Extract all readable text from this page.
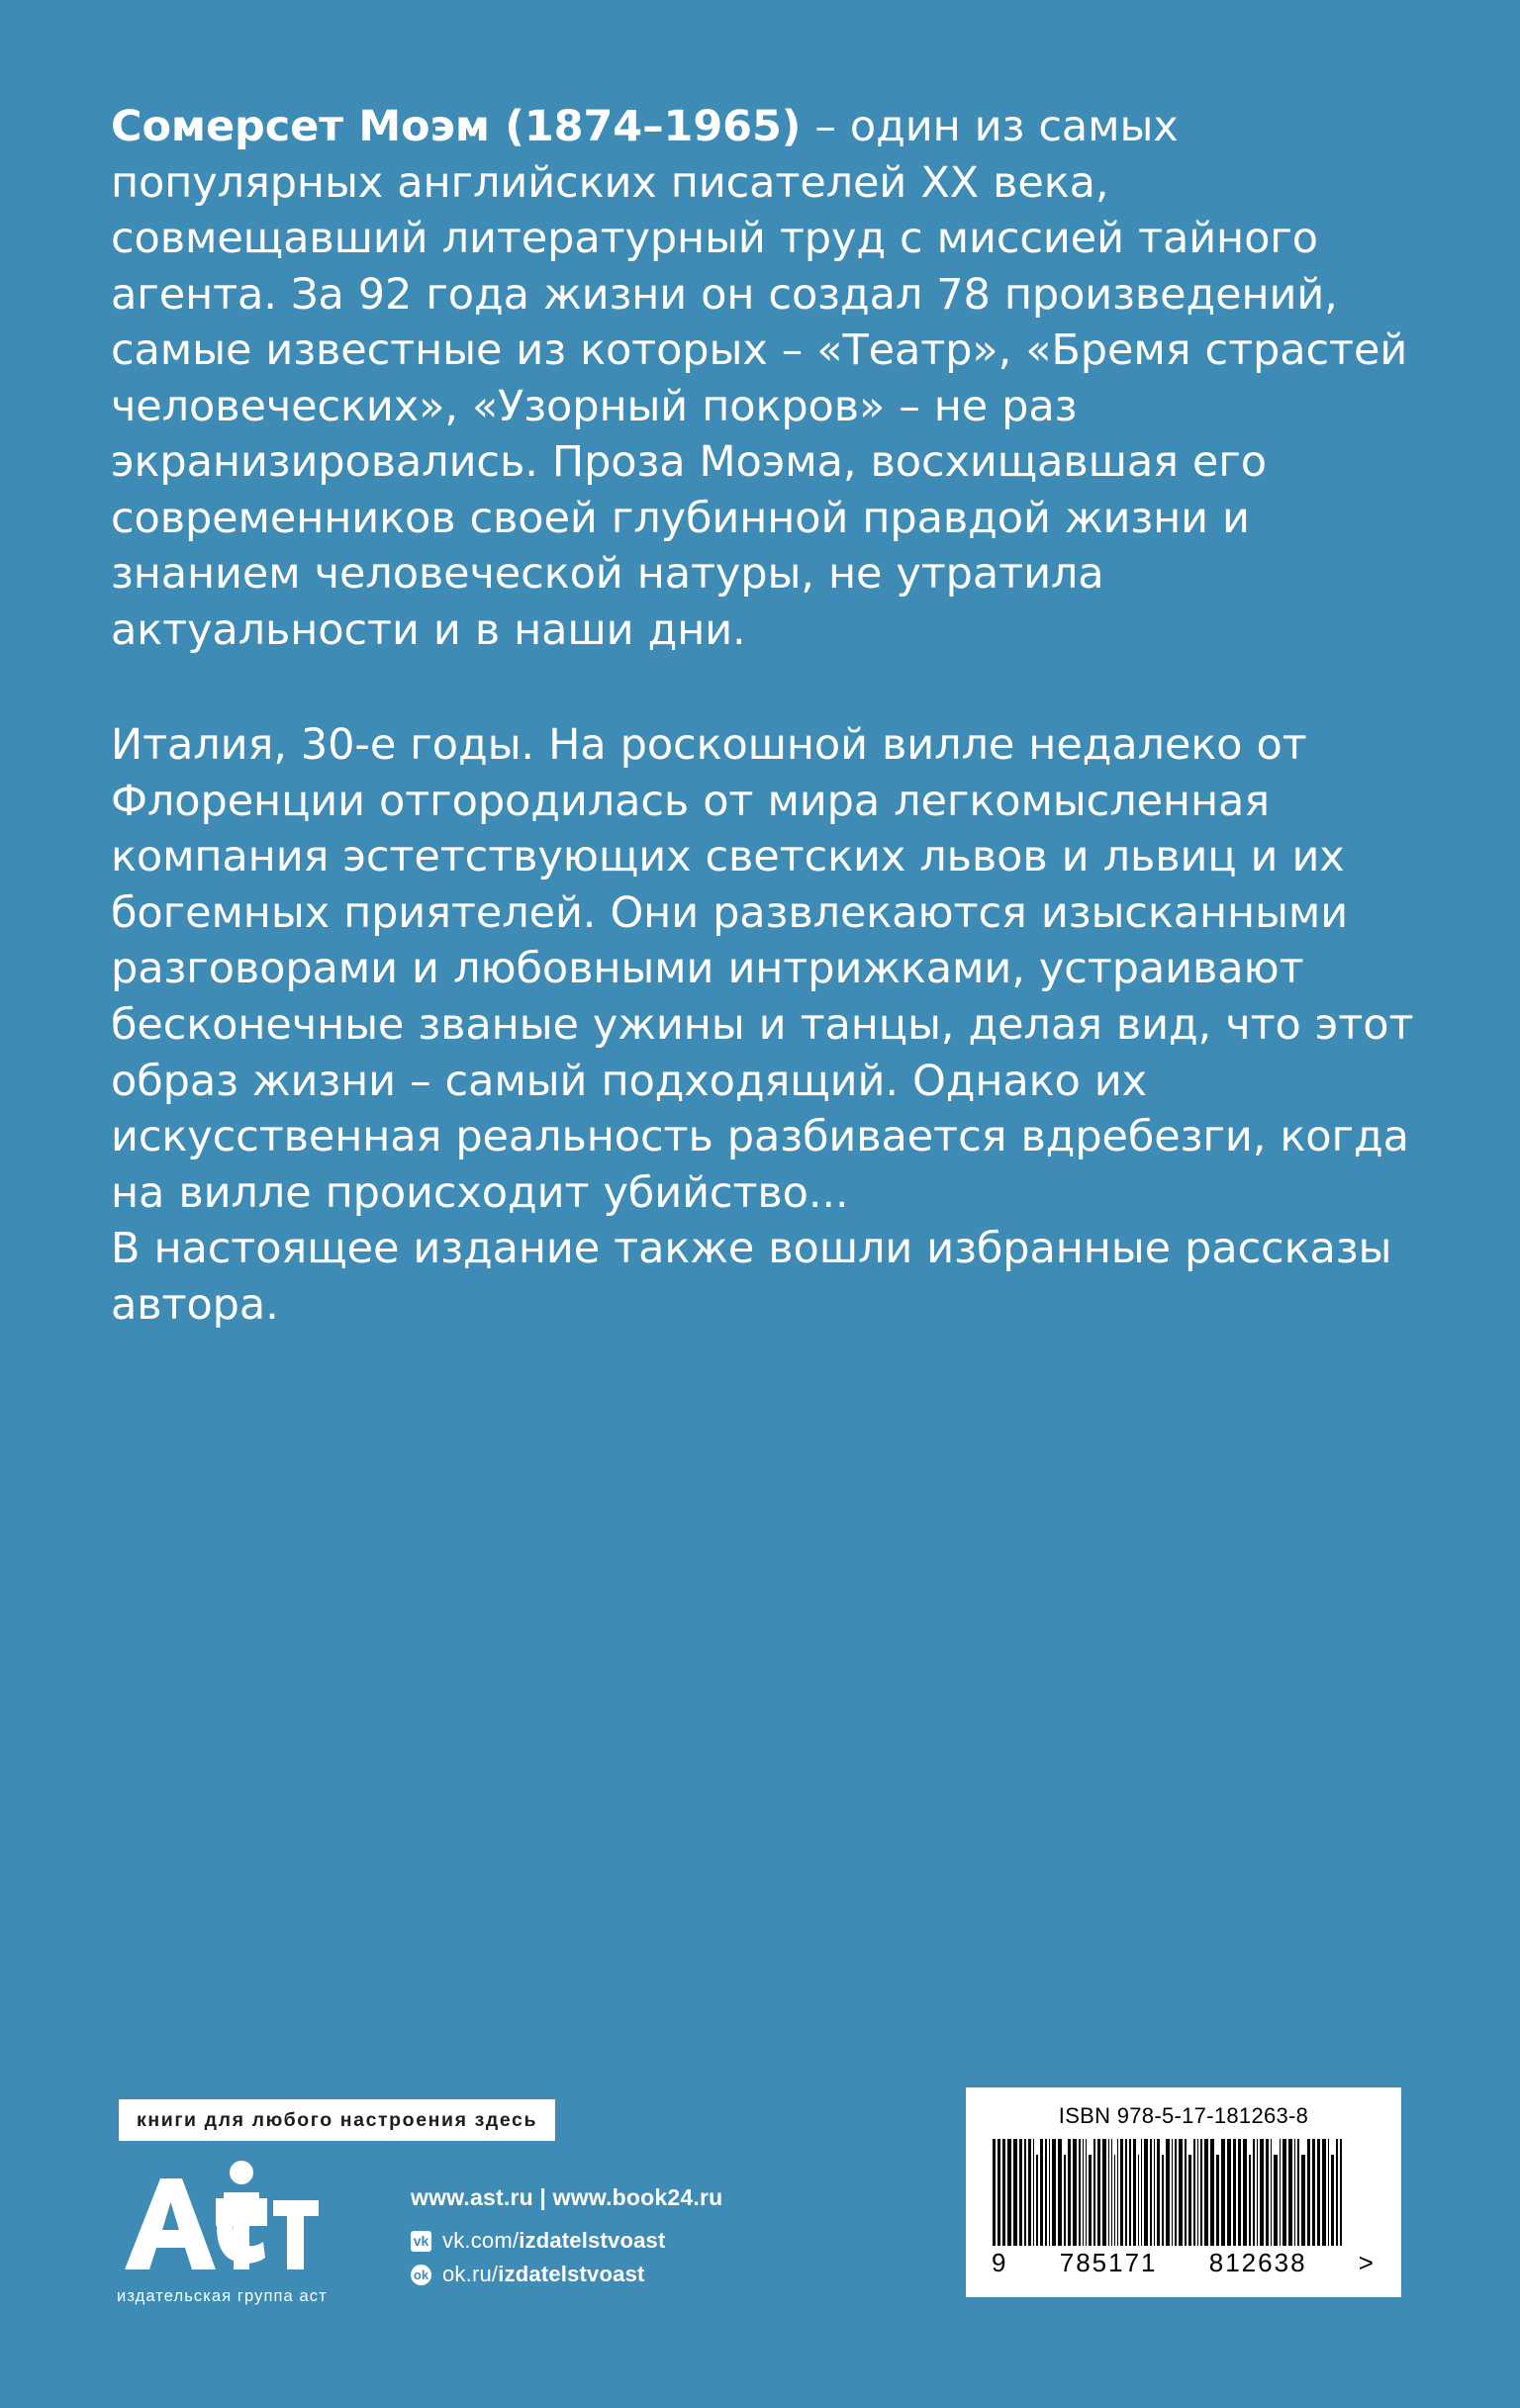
Сомерсет Моэм (1874–1965) – один из самых популярных английских писателей XX века, совмещавший литературный труд с миссией тайного агента. За 92 года жизни он создал 78 произведений, самые известные из которых – «Театр», «Бремя страстей человеческих», «Узорный покров» – не раз экранизировались. Проза Моэма, восхищавшая его современников своей глубинной правдой жизни и знанием человеческой натуры, не утратила актуальности и в наши дни.

Италия, 30-е годы. На роскошной вилле недалеко от Флоренции отгородилась от мира легкомысленная компания эстетствующих светских львов и львиц и их богемных приятелей. Они развлекаются изысканными разговорами и любовными интрижками, устраивают бесконечные званые ужины и танцы, делая вид, что этот образ жизни – самый подходящий. Однако их искусственная реальность разбивается вдребезги, когда на вилле происходит убийство...

В настоящее издание также вошли избранные рассказы автора.

книги для любого настроения здесь
издательская группа аст
www.ast.ru | www.book24.ru
vk vk.com/izdatelstvoast
ok ok.ru/izdatelstvoast
ISBN 978-5-17-181263-8
9 785171 812638 >
